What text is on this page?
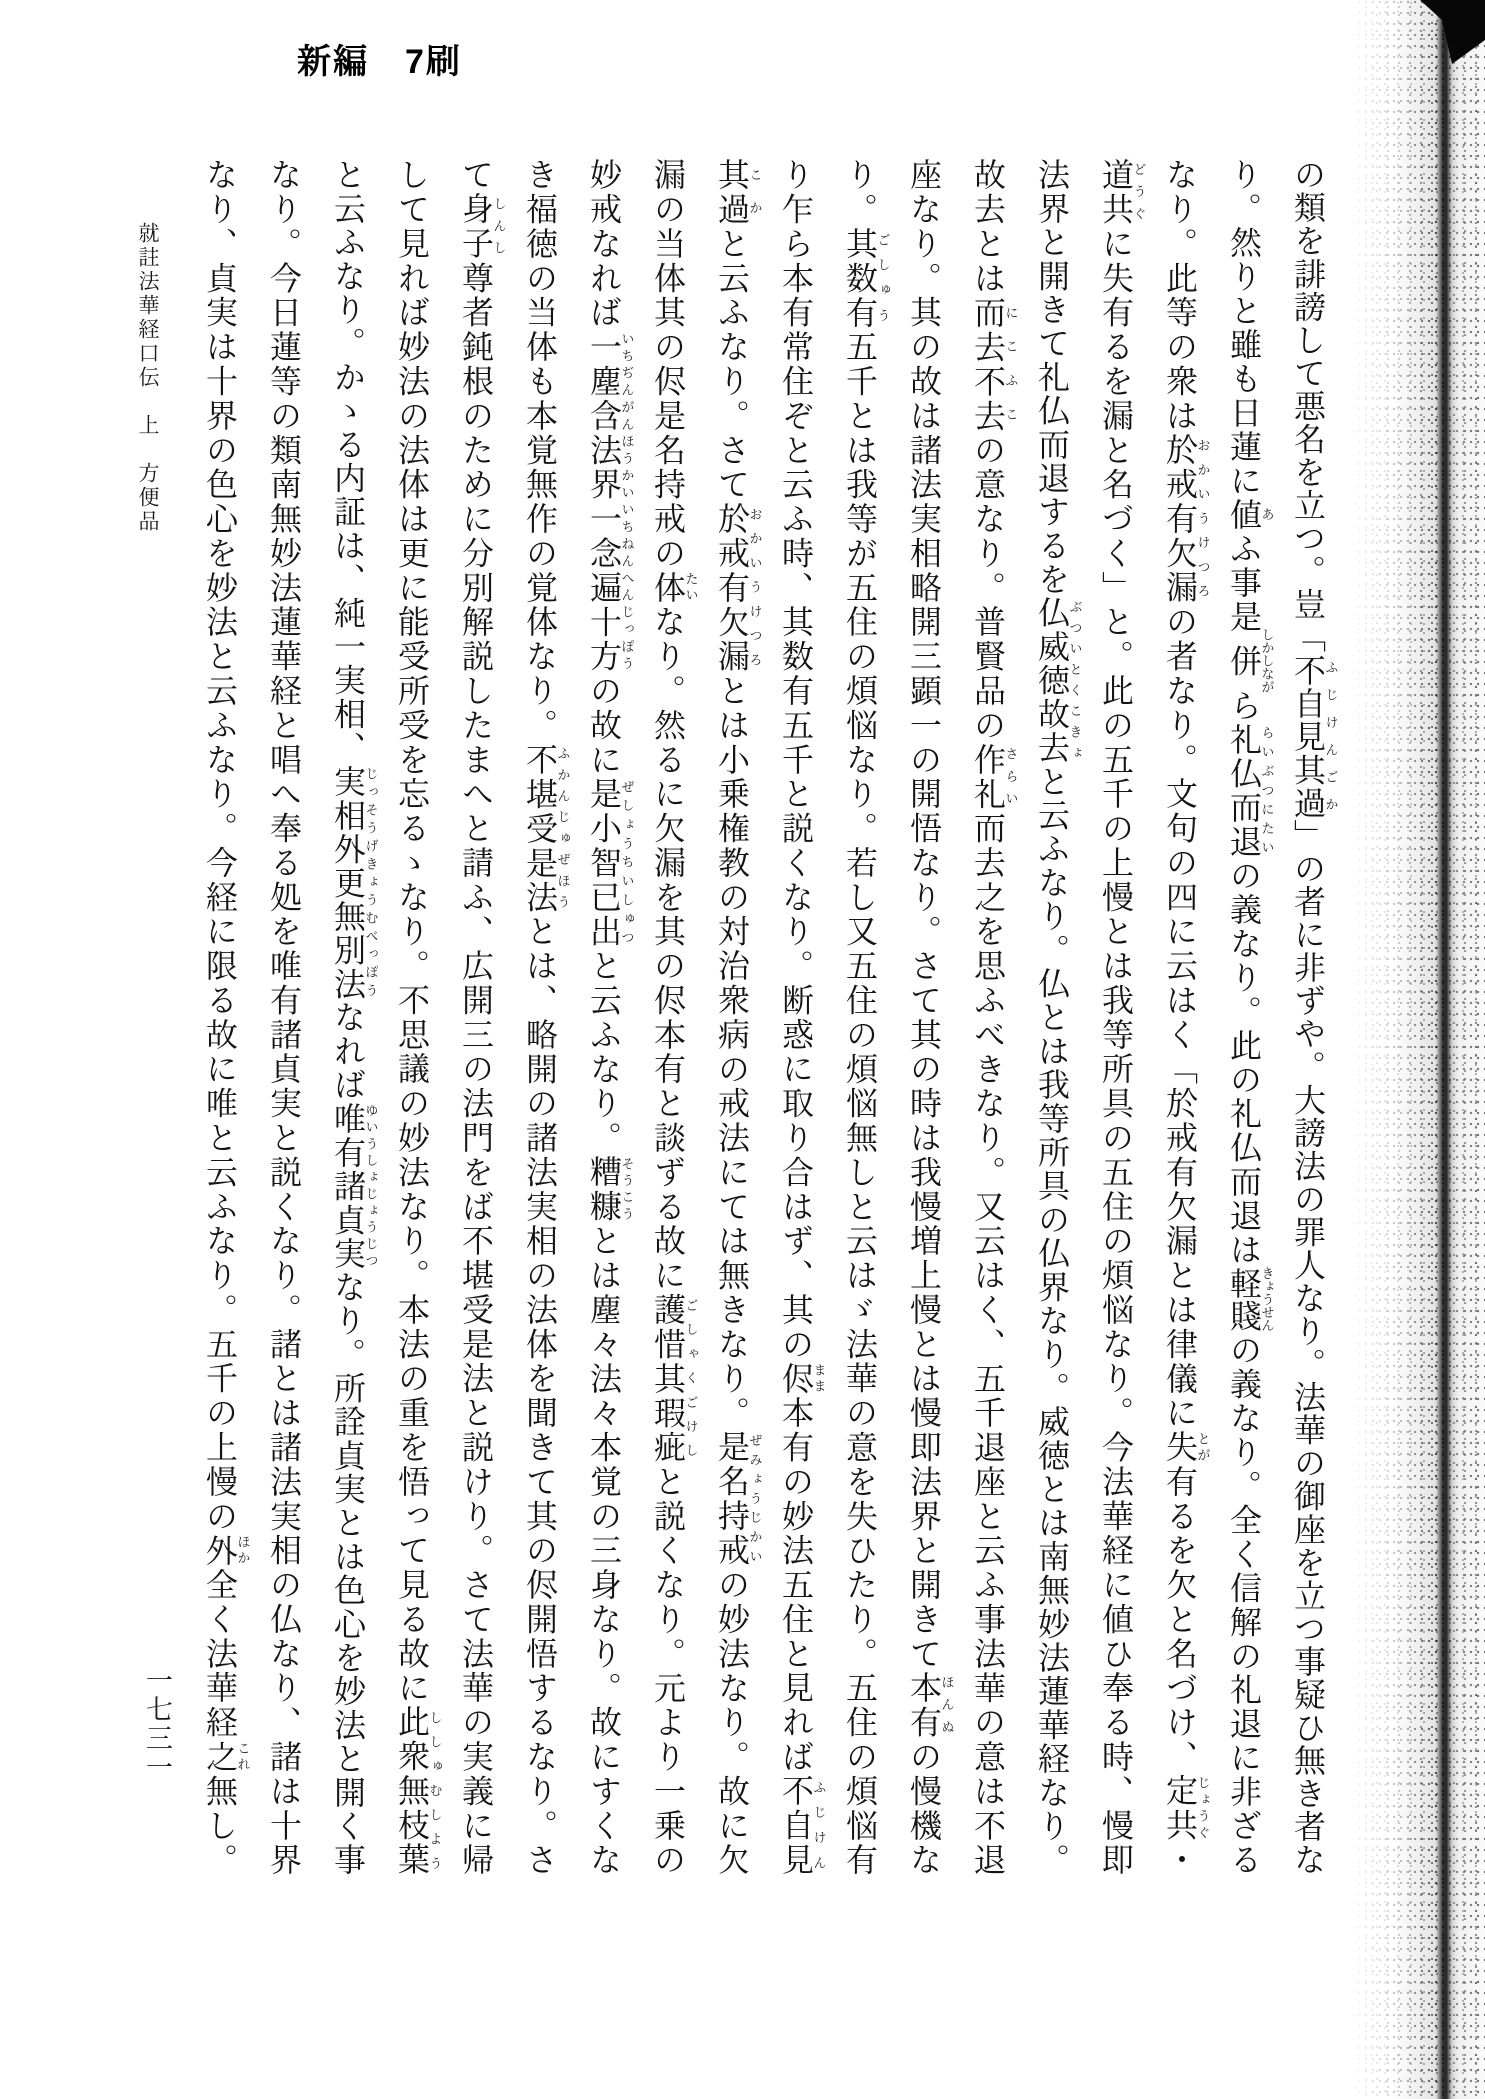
新編　7刷

の類を誹謗して悪名を立つ。豈「不自見其過ふじけんごか」の者に非ずや。大謗法の罪人なり。法華の御座を立つ事疑ひ無き者な

り。然りと雖も日蓮に値あふ事是併しかしながら礼仏而退らいぶつにたいの義なり。此の礼仏而退は軽賤きょうせんの義なり。全く信解の礼退に非ざる

なり。此等の衆は於戒有欠漏おかいうけつろの者なり。文句の四に云はく「於戒有欠漏とは律儀に失とが有るを欠と名づけ、定共じょうぐ・

道共どうぐに失有るを漏と名づく」と。此の五千の上慢とは我等所具の五住の煩悩なり。今法華経に値ひ奉る時、慢即

法界と開きて礼仏而退するを仏威徳故去ぶついとくこきょと云ふなり。仏とは我等所具の仏界なり。威徳とは南無妙法蓮華経なり。

故去とは而去不去にこふこの意なり。普賢品の作礼さらい而去之を思ふべきなり。又云はく、五千退座と云ふ事法華の意は不退

座なり。其の故は諸法実相略開三顕一の開悟なり。さて其の時は我慢増上慢とは慢即法界と開きて本有ほんぬの慢機な

り。其数有ごしゅう五千とは我等が五住の煩悩なり。若し又五住の煩悩無しと云はゞ法華の意を失ひたり。五住の煩悩有

り乍ら本有常住ぞと云ふ時、其数有五千と説くなり。断惑に取り合はず、其の侭まま本有の妙法五住と見れば不自見ふじけん

其過こかと云ふなり。さて於戒有欠漏おかいうけつろとは小乗権教の対治衆病の戒法にては無きなり。是名持戒ぜみょうじかいの妙法なり。故に欠

漏の当体其の侭是名持戒の体たいなり。然るに欠漏を其の侭本有と談ずる故に護惜其瑕疵ごしゃくごけしと説くなり。元より一乗の

妙戒なれば一塵含法界一念遍十方いちぢんがんほうかいいちねんへんじっぽうの故に是小智已出ぜしょうちいしゅつと云ふなり。糟糠そうこうとは塵々法々本覚の三身なり。故にすくな

き福徳の当体も本覚無作の覚体なり。不堪受是法ふかんじゅぜほうとは、略開の諸法実相の法体を聞きて其の侭開悟するなり。さ

て身子しんし尊者鈍根のために分別解説したまへと請ふ、広開三の法門をば不堪受是法と説けり。さて法華の実義に帰

して見れば妙法の法体は更に能受所受を忘るゝなり。不思議の妙法なり。本法の重を悟って見る故に此衆無枝葉ししゅむしよう

と云ふなり。かゝる内証は、純一実相、実相外更無別法じっそうげきょうむべっぽうなれば唯有諸貞実ゆいうしょじょうじつなり。所詮貞実とは色心を妙法と開く事

なり。今日蓮等の類南無妙法蓮華経と唱へ奉る処を唯有諸貞実と説くなり。諸とは諸法実相の仏なり、諸は十界

なり、貞実は十界の色心を妙法と云ふなり。今経に限る故に唯と云ふなり。五千の上慢の外ほか全く法華経之これ無し。

就註法華経口伝　上　方便品
一七三一
